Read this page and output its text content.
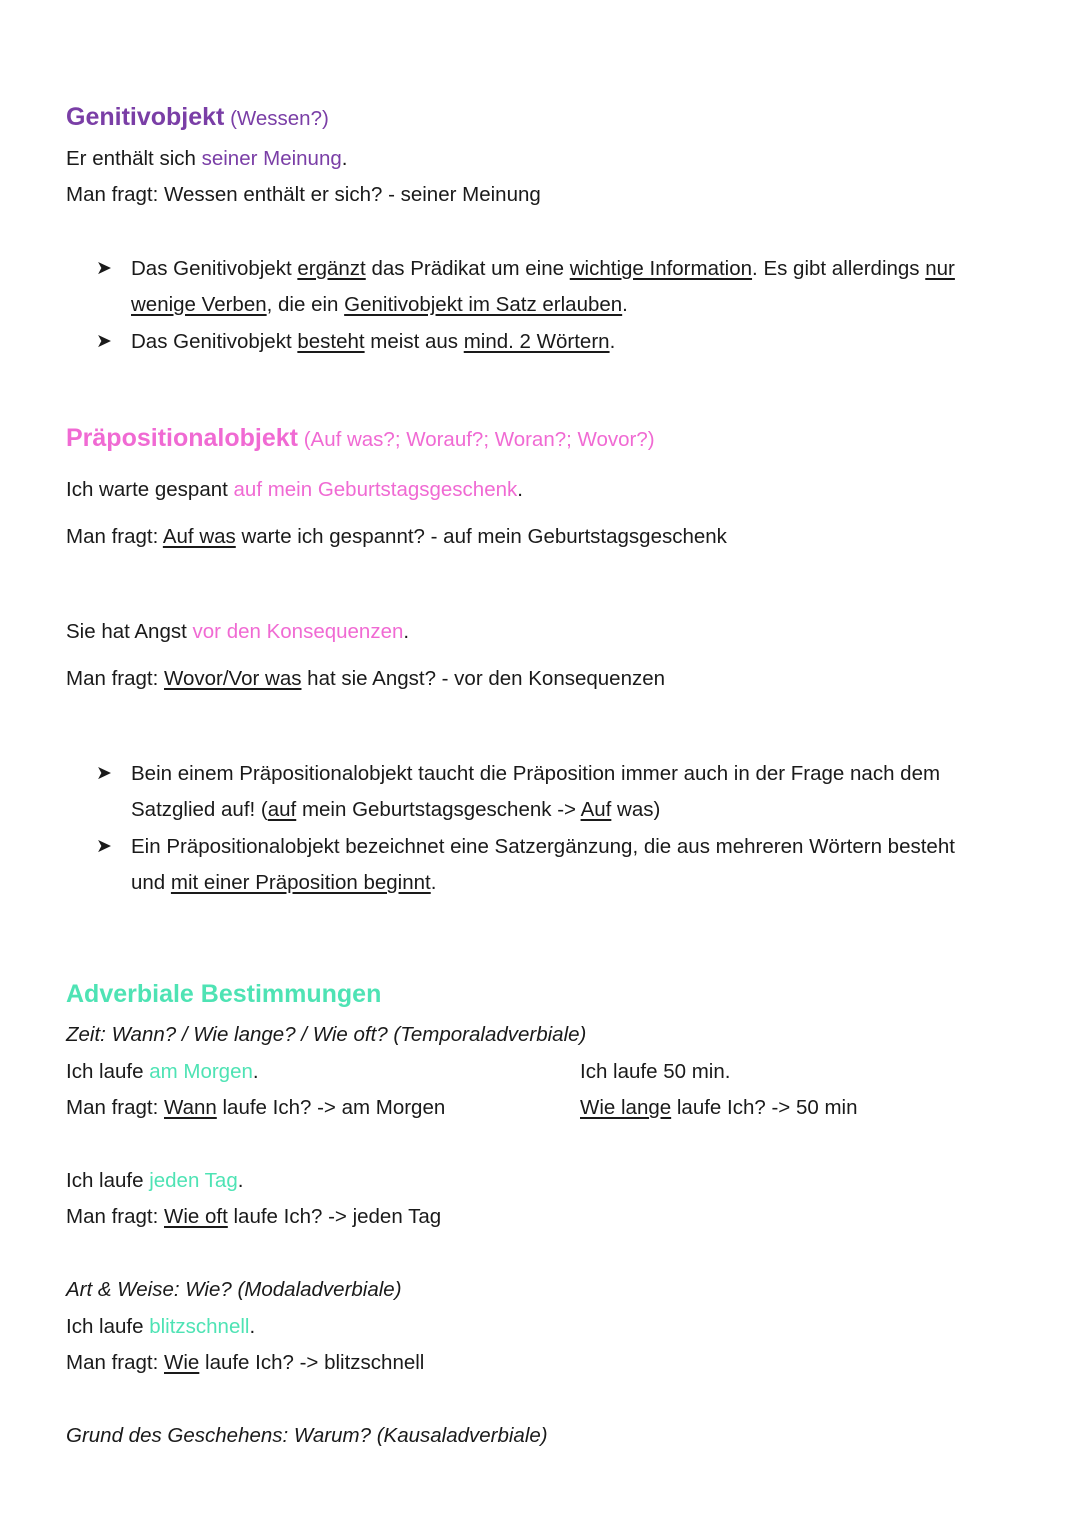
Genitivobjekt (Wessen?)
Er enthält sich seiner Meinung.
Man fragt: Wessen enthält er sich? - seiner Meinung
➤ Das Genitivobjekt ergänzt das Prädikat um eine wichtige Information. Es gibt allerdings nur
wenige Verben, die ein Genitivobjekt im Satz erlauben.
➤ Das Genitivobjekt besteht meist aus mind. 2 Wörtern.
Präpositionalobjekt (Auf was?; Worauf?; Woran?; Wovor?)
Ich warte gespant auf mein Geburtstagsgeschenk.
Man fragt: Auf was warte ich gespannt? - auf mein Geburtstagsgeschenk
Sie hat Angst vor den Konsequenzen.
Man fragt: Wovor/Vor was hat sie Angst? - vor den Konsequenzen
➤ Bein einem Präpositionalobjekt taucht die Präposition immer auch in der Frage nach dem
Satzglied auf! (auf mein Geburtstagsgeschenk -> Auf was)
➤ Ein Präpositionalobjekt bezeichnet eine Satzergänzung, die aus mehreren Wörtern besteht
und mit einer Präposition beginnt.
Adverbiale Bestimmungen
Zeit: Wann? / Wie lange? / Wie oft? (Temporaladverbiale)
Ich laufe am Morgen.
Man fragt: Wann laufe Ich? -> am Morgen
Ich laufe 50 min.
Wie lange laufe Ich? -> 50 min
Ich laufe jeden Tag.
Man fragt: Wie oft laufe Ich? -> jeden Tag
Art & Weise: Wie? (Modaladverbiale)
Ich laufe blitzschnell.
Man fragt: Wie laufe Ich? -> blitzschnell
Grund des Geschehens: Warum? (Kausaladverbiale)
